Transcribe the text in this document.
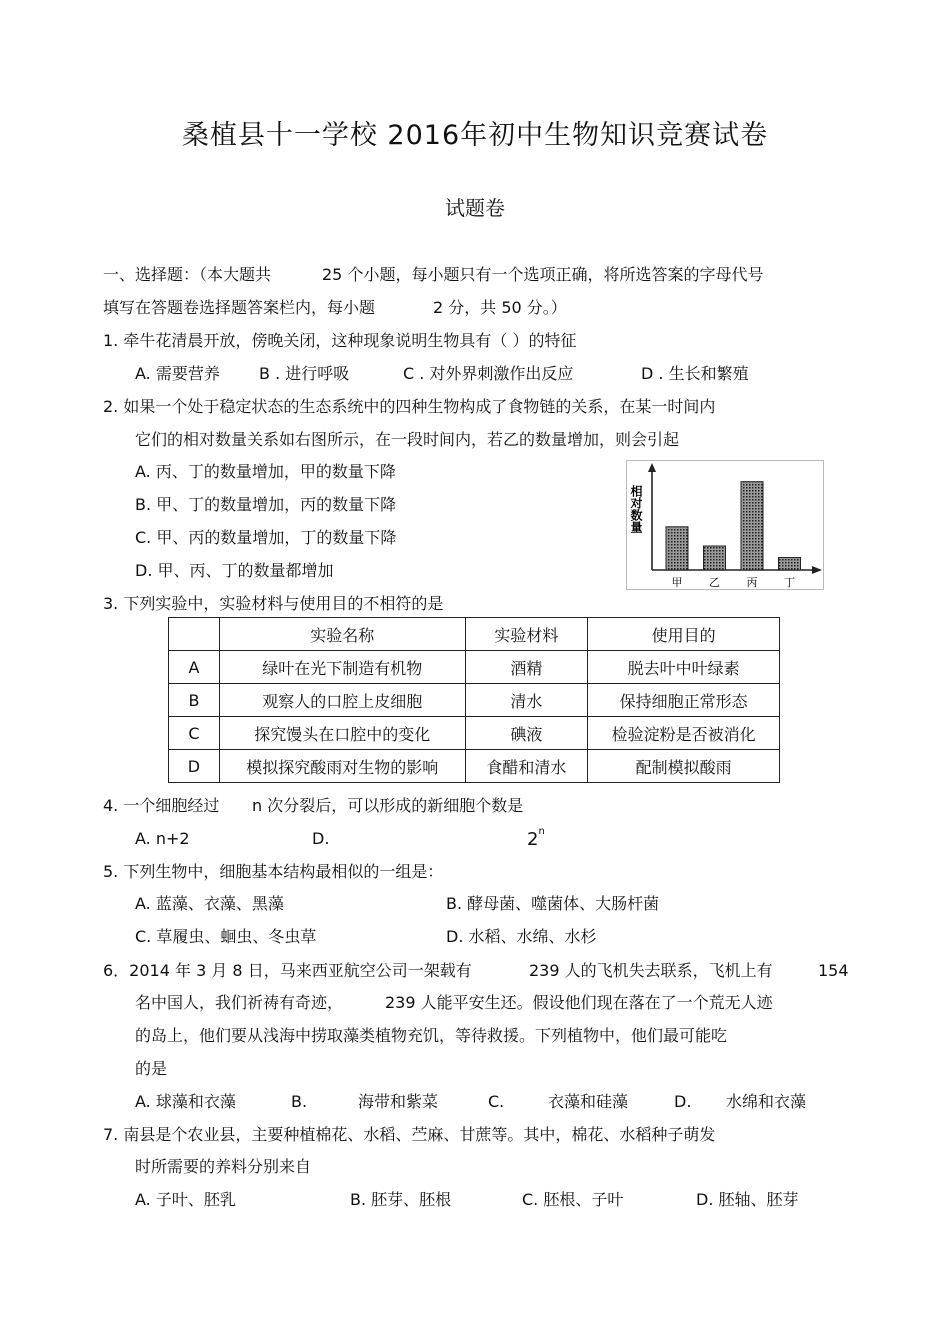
桑植县十一学校 2016年初中生物知识竞赛试卷
试题卷
一、选择题：（本大题共	25 个小题，每小题只有一个选项正确，将所选答案的字母代号
填写在答题卷选择题答案栏内，每小题	2 分，共 50 分。）
1. 牵牛花清晨开放，傍晚关闭，这种现象说明生物具有（ ）的特征
A. 需要营养 B . 进行呼吸	C . 对外界刺激作出反应	D . 生长和繁殖
2. 如果一个处于稳定状态的生态系统中的四种生物构成了食物链的关系，在某一时间内
它们的相对数量关系如右图所示，在一段时间内，若乙的数量增加，则会引起
A. 丙、丁的数量增加，甲的数量下降
B. 甲、丁的数量增加，丙的数量下降
C. 甲、丙的数量增加，丁的数量下降
D. 甲、丙、丁的数量都增加
相对数量
甲 乙 丙 丁
3. 下列实验中，实验材料与使用目的不相符的是
	实验名称	实验材料	使用目的
A	绿叶在光下制造有机物	酒精	脱去叶中叶绿素
B	观察人的口腔上皮细胞	清水	保持细胞正常形态
C	探究馒头在口腔中的变化	碘液	检验淀粉是否被消化
D	模拟探究酸雨对生物的影响	食醋和清水	配制模拟酸雨
4. 一个细胞经过 n 次分裂后，可以形成的新细胞个数是
A. n+2	D.	2$^n$
5. 下列生物中，细胞基本结构最相似的一组是：
A. 蓝藻、衣藻、黑藻	B. 酵母菌、噬菌体、大肠杆菌
C. 草履虫、蛔虫、冬虫草	D. 水稻、水绵、水杉
6．2014 年 3 月 8 日，马来西亚航空公司一架载有	239 人的飞机失去联系，飞机上有	154
名中国人，我们祈祷有奇迹，	239 人能平安生还。假设他们现在落在了一个荒无人迹
的岛上，他们要从浅海中捞取藻类植物充饥，等待救援。下列植物中，他们最可能吃
的是
A. 球藻和衣藻	B.	海带和紫菜	C.	衣藻和硅藻	D. 水绵和衣藻
7. 南县是个农业县，主要种植棉花、水稻、苎麻、甘蔗等。其中，棉花、水稻种子萌发
时所需要的养料分别来自
A. 子叶、胚乳	B. 胚芽、胚根	C. 胚根、子叶	D. 胚轴、胚芽
